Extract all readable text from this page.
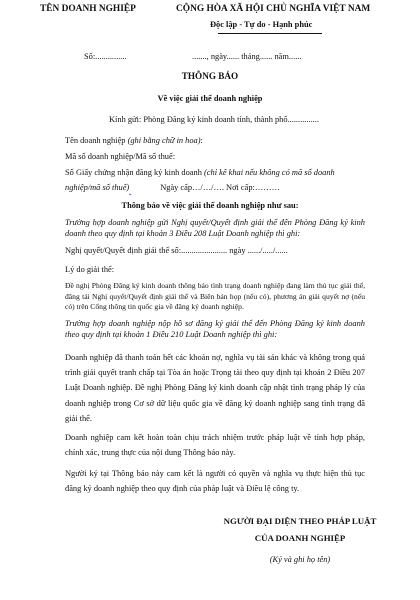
TÊN DOANH NGHIỆP	CỘNG HÒA XÃ HỘI CHỦ NGHĨA VIỆT NAM
Độc lập - Tự do - Hạnh phúc
Số:...............	......., ngày...... tháng...... năm......
THÔNG BÁO
Về việc giải thể doanh nghiệp
Kính gửi: Phòng Đăng ký kinh doanh tỉnh, thành phố...............
Tên doanh nghiệp (ghi bằng chữ in hoa):
Mã số doanh nghiệp/Mã số thuế:
Số Giấy chứng nhận đăng ký kinh doanh (chỉ kê khai nếu không có mã số doanh
nghiệp/mã số thuế)	Ngày cấp…/…/…. Nơi cấp:………
Thông báo về việc giải thể doanh nghiệp như sau:
Trường hợp doanh nghiệp gửi Nghị quyết/Quyết định giải thể đến Phòng Đăng ký kinh doanh theo quy định tại khoản 3 Điều 208 Luật Doanh nghiệp thì ghi:
Nghị quyết/Quyết định giải thể số:...................... ngày ....../...../......
Lý do giải thể:
Đề nghị Phòng Đăng ký kinh doanh thông báo tình trạng doanh nghiệp đang làm thủ tục giải thể, đăng tải Nghị quyết/Quyết định giải thể và Biên bản họp (nếu có), phương án giải quyết nợ (nếu có) trên Cổng thông tin quốc gia về đăng ký doanh nghiệp.
Trường hợp doanh nghiệp nộp hồ sơ đăng ký giải thể đến Phòng Đăng ký kinh doanh theo quy định tại khoản 1 Điều 210 Luật Doanh nghiệp thì ghi:
Doanh nghiệp đã thanh toán hết các khoản nợ, nghĩa vụ tài sản khác và không trong quá trình giải quyết tranh chấp tại Tòa án hoặc Trọng tài theo quy định tại khoản 2 Điều 207 Luật Doanh nghiệp. Đề nghị Phòng Đăng ký kinh doanh cập nhật tình trạng pháp lý của doanh nghiệp trong Cơ sở dữ liệu quốc gia về đăng ký doanh nghiệp sang tình trạng đã giải thể.
Doanh nghiệp cam kết hoàn toàn chịu trách nhiệm trước pháp luật về tính hợp pháp, chính xác, trung thực của nội dung Thông báo này.
Người ký tại Thông báo này cam kết là người có quyền và nghĩa vụ thực hiện thủ tục đăng ký doanh nghiệp theo quy định của pháp luật và Điều lệ công ty.
NGƯỜI ĐẠI DIỆN THEO PHÁP LUẬT
CỦA DOANH NGHIỆP
(Ký và ghi họ tên)
